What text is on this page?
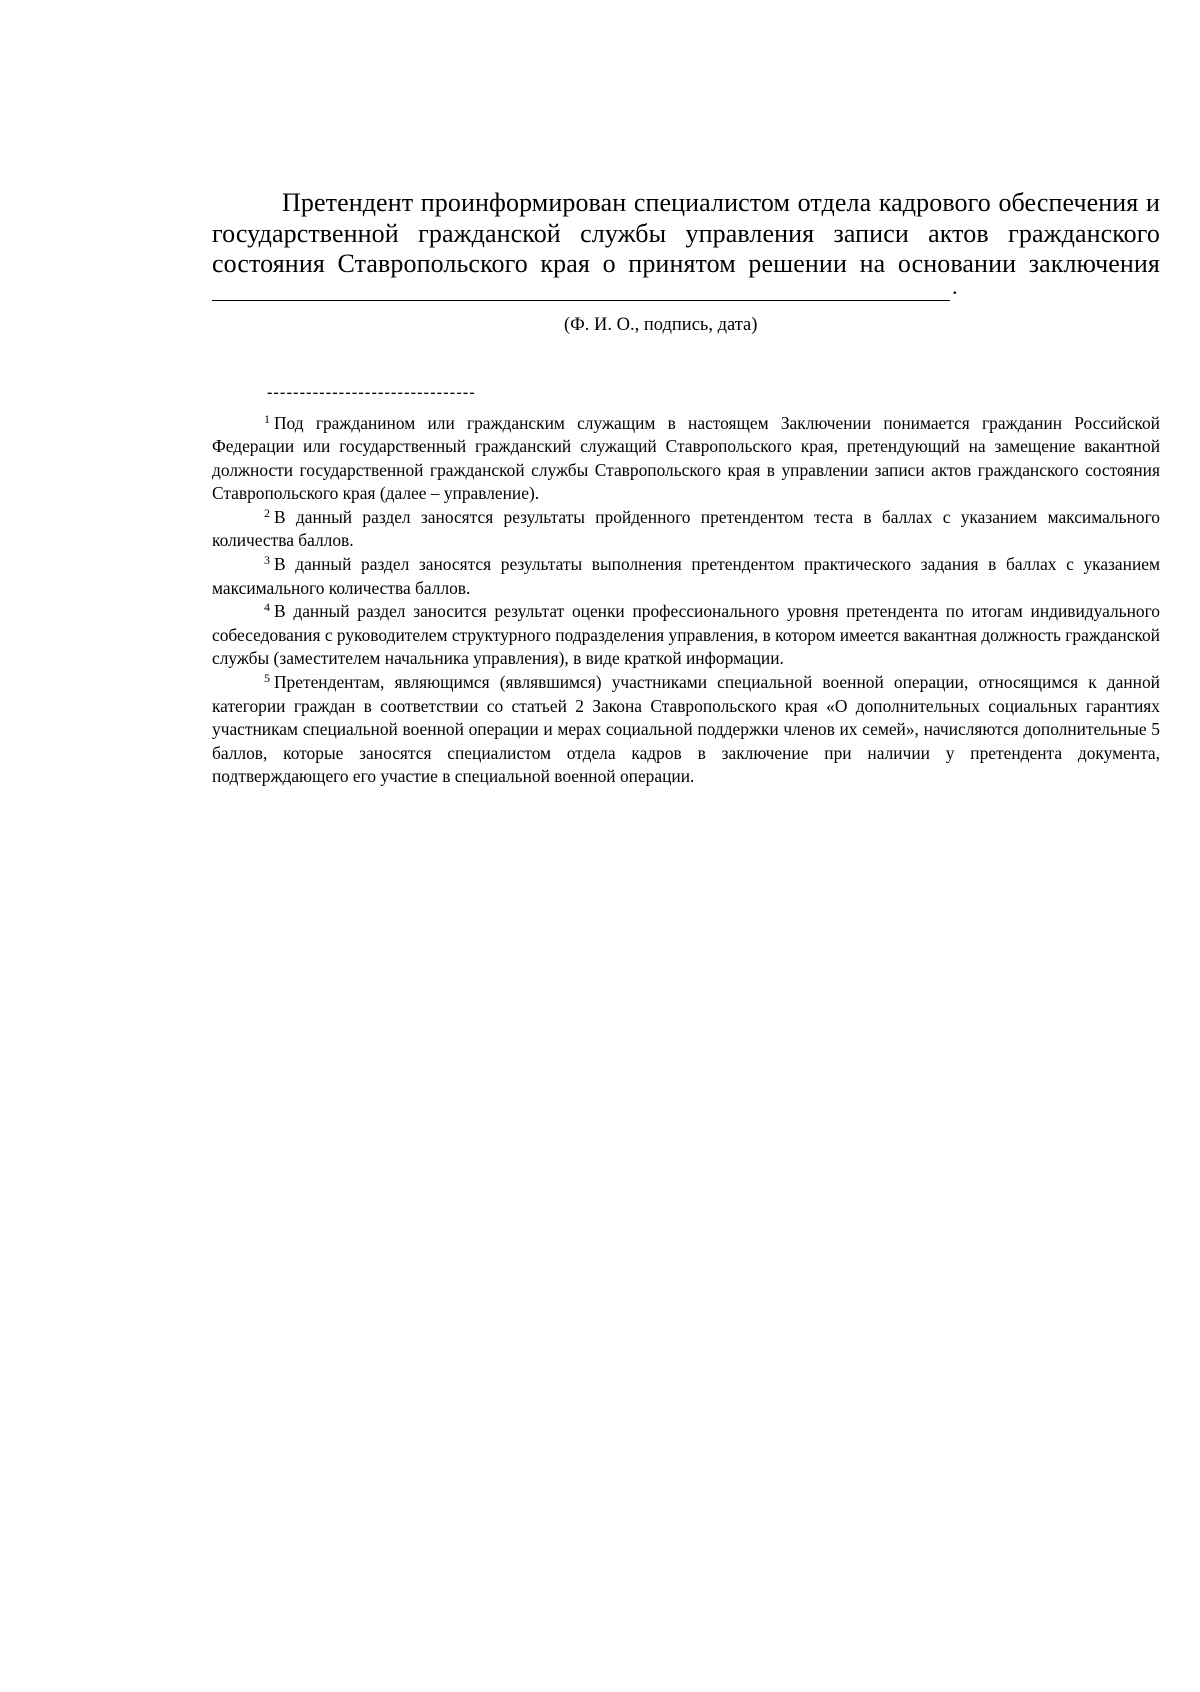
Претендент проинформирован специалистом отдела кадрового обеспечения и государственной гражданской службы управления записи актов гражданского состояния Ставропольского края о принятом решении на основании заключения

.

(Ф. И. О., подпись, дата)

--------------------------------

$^1$ Под гражданином или гражданским служащим в настоящем Заключении понимается гражданин Российской Федерации или государственный гражданский служащий Ставропольского края, претендующий на замещение вакантной должности государственной гражданской службы Ставропольского края в управлении записи актов гражданского состояния Ставропольского края (далее – управление).

$^2$ В данный раздел заносятся результаты пройденного претендентом теста в баллах с указанием максимального количества баллов.

$^3$ В данный раздел заносятся результаты выполнения претендентом практического задания в баллах с указанием максимального количества баллов.

$^4$ В данный раздел заносится результат оценки профессионального уровня претендента по итогам индивидуального собеседования с руководителем структурного подразделения управления, в котором имеется вакантная должность гражданской службы (заместителем начальника управления), в виде краткой информации.

$^5$ Претендентам, являющимся (являвшимся) участниками специальной военной операции, относящимся к данной категории граждан в соответствии со статьей 2 Закона Ставропольского края «О дополнительных социальных гарантиях участникам специальной военной операции и мерах социальной поддержки членов их семей», начисляются дополнительные 5 баллов, которые заносятся специалистом отдела кадров в заключение при наличии у претендента документа, подтверждающего его участие в специальной военной операции.
